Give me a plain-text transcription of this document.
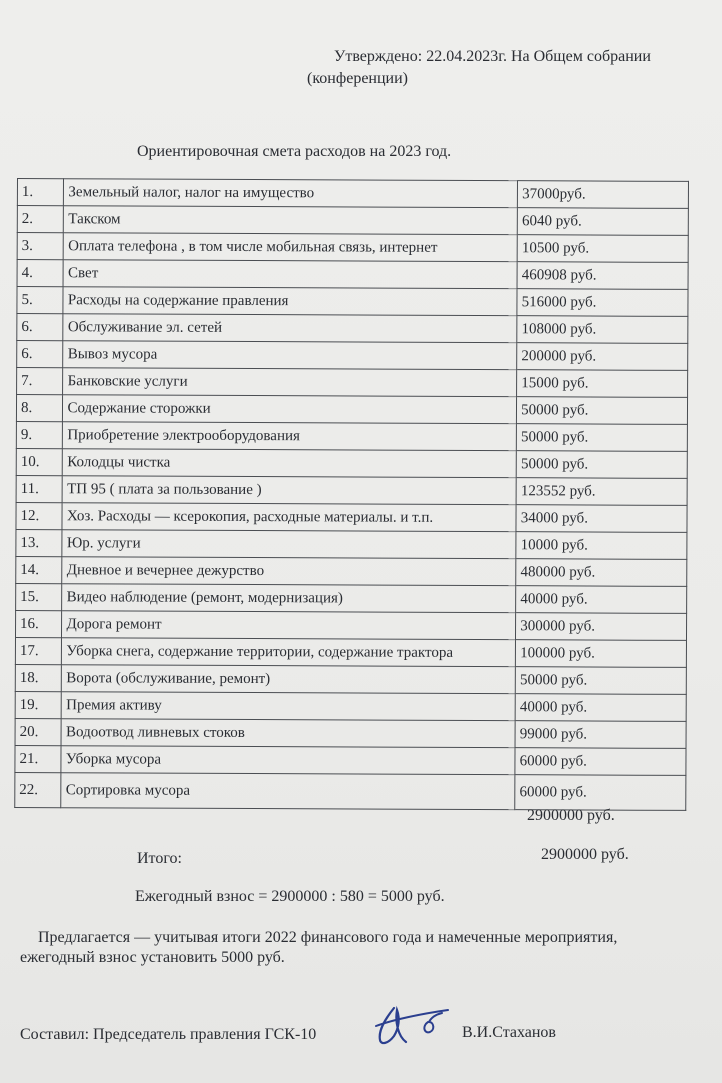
Утверждено: 22.04.2023г. На Общем собрании
(конференции)
Ориентировочная смета расходов на 2023 год.
1.	Земельный налог, налог на имущество	37000руб.
2.	Такском	6040 руб.
3.	Оплата телефона , в том числе мобильная связь, интернет	10500 руб.
4.	Свет	460908 руб.
5.	Расходы на содержание правления	516000 руб.
6.	Обслуживание эл. сетей	108000 руб.
6.	Вывоз мусора	200000 руб.
7.	Банковские услуги	15000 руб.
8.	Содержание сторожки	50000 руб.
9.	Приобретение электрооборудования	50000 руб.
10.	Колодцы чистка	50000 руб.
11.	ТП 95 ( плата за пользование )	123552 руб.
12.	Хоз. Расходы — ксерокопия, расходные материалы. и т.п.	34000 руб.
13.	Юр. услуги	10000 руб.
14.	Дневное и вечернее дежурство	480000 руб.
15.	Видео наблюдение (ремонт, модернизация)	40000 руб.
16.	Дорога ремонт	300000 руб.
17.	Уборка снега, содержание территории, содержание трактора	100000 руб.
18.	Ворота (обслуживание, ремонт)	50000 руб.
19.	Премия активу	40000 руб.
20.	Водоотвод ливневых стоков	99000 руб.
21.	Уборка мусора	60000 руб.
22.	Сортировка мусора	60000 руб.
2900000 руб.
Итого:	2900000 руб.
Ежегодный взнос = 2900000 : 580 = 5000 руб.
Предлагается — учитывая итоги 2022 финансового года и намеченные мероприятия,
ежегодный взнос установить 5000 руб.
Составил: Председатель правления ГСК-10	В.И.Стаханов
